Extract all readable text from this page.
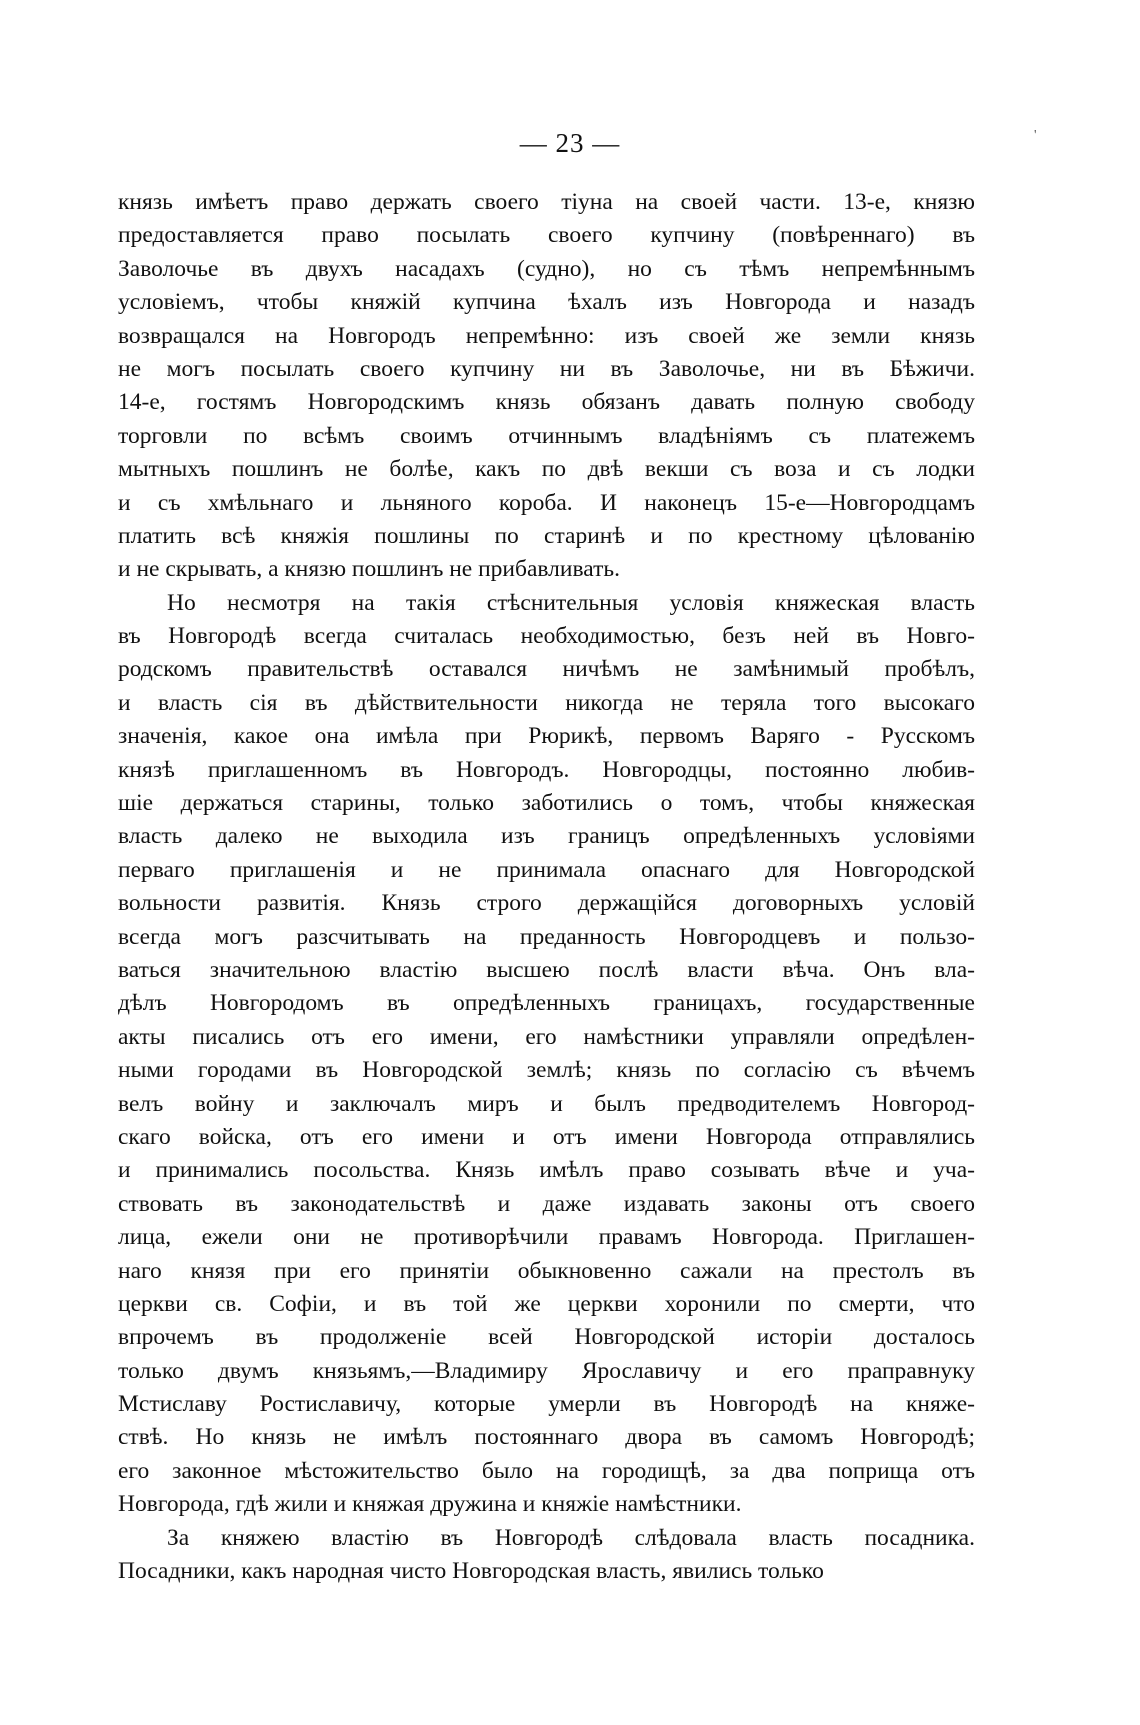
— 23 —	'
князь имѣетъ право держать своего тіуна на своей части. 13-е, князю
предоставляется право посылать своего купчину (повѣреннаго) въ
Заволочье въ двухъ насадахъ (судно), но съ тѣмъ непремѣннымъ
условіемъ, чтобы княжій купчина ѣхалъ изъ Новгорода и назадъ
возвращался на Новгородъ непремѣнно: изъ своей же земли князь
не могъ посылать своего купчину ни въ Заволочье, ни въ Бѣжичи.
14-е, гостямъ Новгородскимъ князь обязанъ давать полную свободу
торговли по всѣмъ своимъ отчиннымъ владѣніямъ съ платежемъ
мытныхъ пошлинъ не болѣе, какъ по двѣ векши съ воза и съ лодки
и съ хмѣльнаго и льняного короба. И наконецъ 15-е—Новгородцамъ
платить всѣ княжія пошлины по старинѣ и по крестному цѣлованію
и не скрывать, а князю пошлинъ не прибавливать.
Но несмотря на такія стѣснительныя условія княжеская власть
въ Новгородѣ всегда считалась необходимостью, безъ ней въ Новго-
родскомъ правительствѣ оставался ничѣмъ не замѣнимый пробѣлъ,
и власть сія въ дѣйствительности никогда не теряла того высокаго
значенія, какое она имѣла при Рюрикѣ, первомъ Варяго - Русскомъ
князѣ приглашенномъ въ Новгородъ. Новгородцы, постоянно любив-
шіе держаться старины, только заботились о томъ, чтобы княжеская
власть далеко не выходила изъ границъ опредѣленныхъ условіями
перваго приглашенія и не принимала опаснаго для Новгородской
вольности развитія. Князь строго держащійся договорныхъ условій
всегда могъ разсчитывать на преданность Новгородцевъ и пользо-
ваться значительною властію высшею послѣ власти вѣча. Онъ вла-
дѣлъ Новгородомъ въ опредѣленныхъ границахъ, государственные
акты писались отъ его имени, его намѣстники управляли опредѣлен-
ными городами въ Новгородской землѣ; князь по согласію съ вѣчемъ
велъ войну и заключалъ миръ и былъ предводителемъ Новгород-
скаго войска, отъ его имени и отъ имени Новгорода отправлялись
и принимались посольства. Князь имѣлъ право созывать вѣче и уча-
ствовать въ законодательствѣ и даже издавать законы отъ своего
лица, ежели они не противорѣчили правамъ Новгорода. Приглашен-
наго князя при его принятіи обыкновенно сажали на престолъ въ
церкви св. Софіи, и въ той же церкви хоронили по смерти, что
впрочемъ въ продолженіе всей Новгородской исторіи досталось
только двумъ князьямъ,—Владимиру Ярославичу и его праправнуку
Мстиславу Ростиславичу, которые умерли въ Новгородѣ на княже-
ствѣ. Но князь не имѣлъ постояннаго двора въ самомъ Новгородѣ;
его законное мѣстожительство было на городищѣ, за два поприща отъ
Новгорода, гдѣ жили и княжая дружина и княжіе намѣстники.
За княжею властію въ Новгородѣ слѣдовала власть посадника.
Посадники, какъ народная чисто Новгородская власть, явились только
